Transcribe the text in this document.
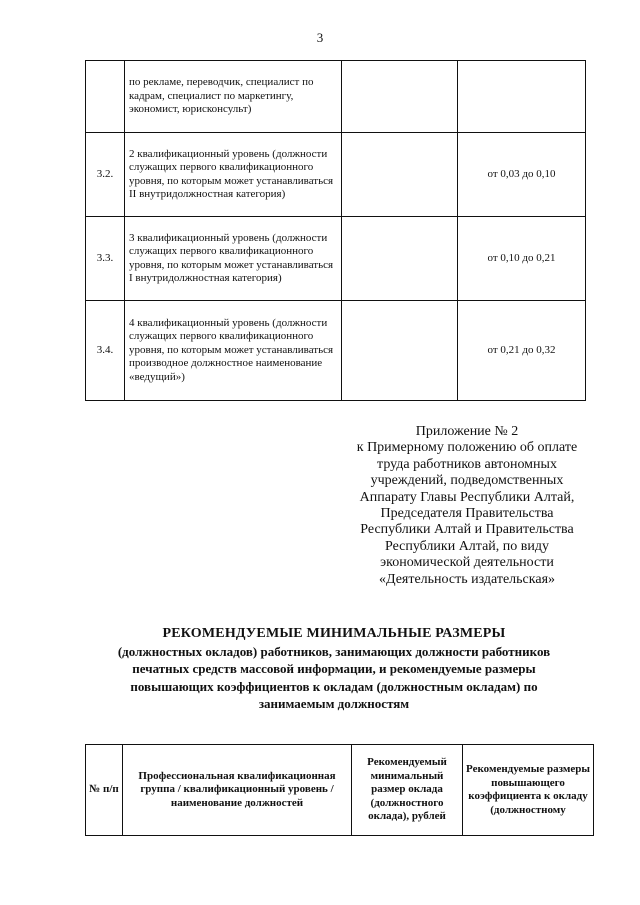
3
	по рекламе, переводчик, специалист по кадрам, специалист по маркетингу, экономист, юрисконсульт)		
3.2.	2 квалификационный уровень (должности служащих первого квалификационного уровня, по которым может устанавливаться II внутридолжностная категория)		от 0,03 до 0,10
3.3.	3 квалификационный уровень (должности служащих первого квалификационного уровня, по которым может устанавливаться I внутридолжностная категория)		от 0,10 до 0,21
3.4.	4 квалификационный уровень (должности служащих первого квалификационного уровня, по которым может устанавливаться производное должностное наименование «ведущий»)		от 0,21 до 0,32
Приложение № 2
к Примерному положению об оплате
труда работников автономных
учреждений, подведомственных
Аппарату Главы Республики Алтай,
Председателя Правительства
Республики Алтай и Правительства
Республики Алтай, по виду
экономической деятельности
«Деятельность издательская»
РЕКОМЕНДУЕМЫЕ МИНИМАЛЬНЫЕ РАЗМЕРЫ
(должностных окладов) работников, занимающих должности работников
печатных средств массовой информации, и рекомендуемые размеры
повышающих коэффициентов к окладам (должностным окладам) по
занимаемым должностям
№ п/п	Профессиональная квалификационная группа / квалификационный уровень / наименование должностей	Рекомендуемый минимальный размер оклада (должностного оклада), рублей	Рекомендуемые размеры повышающего коэффициента к окладу (должностному
